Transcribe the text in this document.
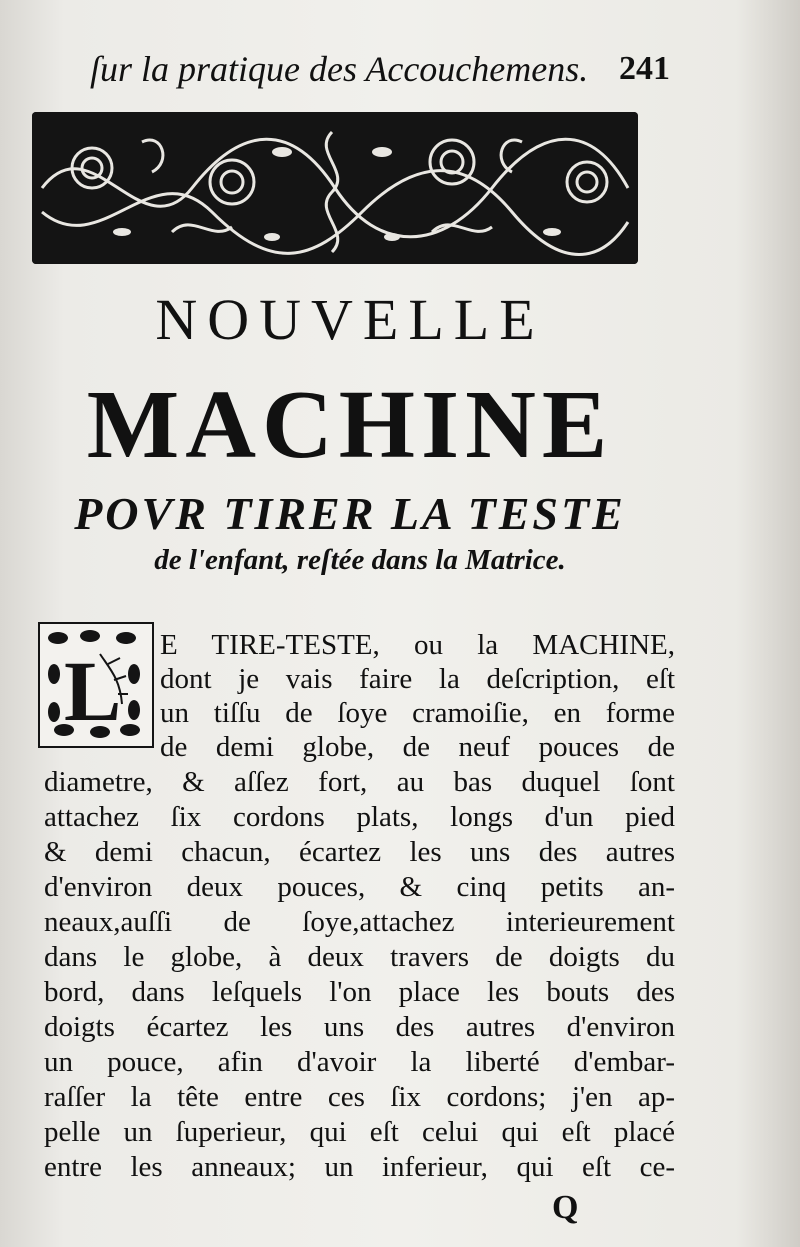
ſur la pratique des Accouchemens. 241
NOUVELLE
MACHINE
POVR TIRER LA TESTE
de l'enfant, reſtée dans la Matrice.
L E TIRE-TESTE, ou la MACHINE,
dont je vais faire la deſcription, eſt
un tiſſu de ſoye cramoiſie, en forme
de demi globe, de neuf pouces de
diametre, & aſſez fort, au bas duquel ſont
attachez ſix cordons plats, longs d'un pied
& demi chacun, écartez les uns des autres
d'environ deux pouces, & cinq petits an-
neaux,auſſi de ſoye,attachez interieurement
dans le globe, à deux travers de doigts du
bord, dans leſquels l'on place les bouts des
doigts écartez les uns des autres d'environ
un pouce, afin d'avoir la liberté d'embar-
raſſer la tête entre ces ſix cordons; j'en ap-
pelle un ſuperieur, qui eſt celui qui eſt placé
entre les anneaux; un inferieur, qui eſt ce-
Q
